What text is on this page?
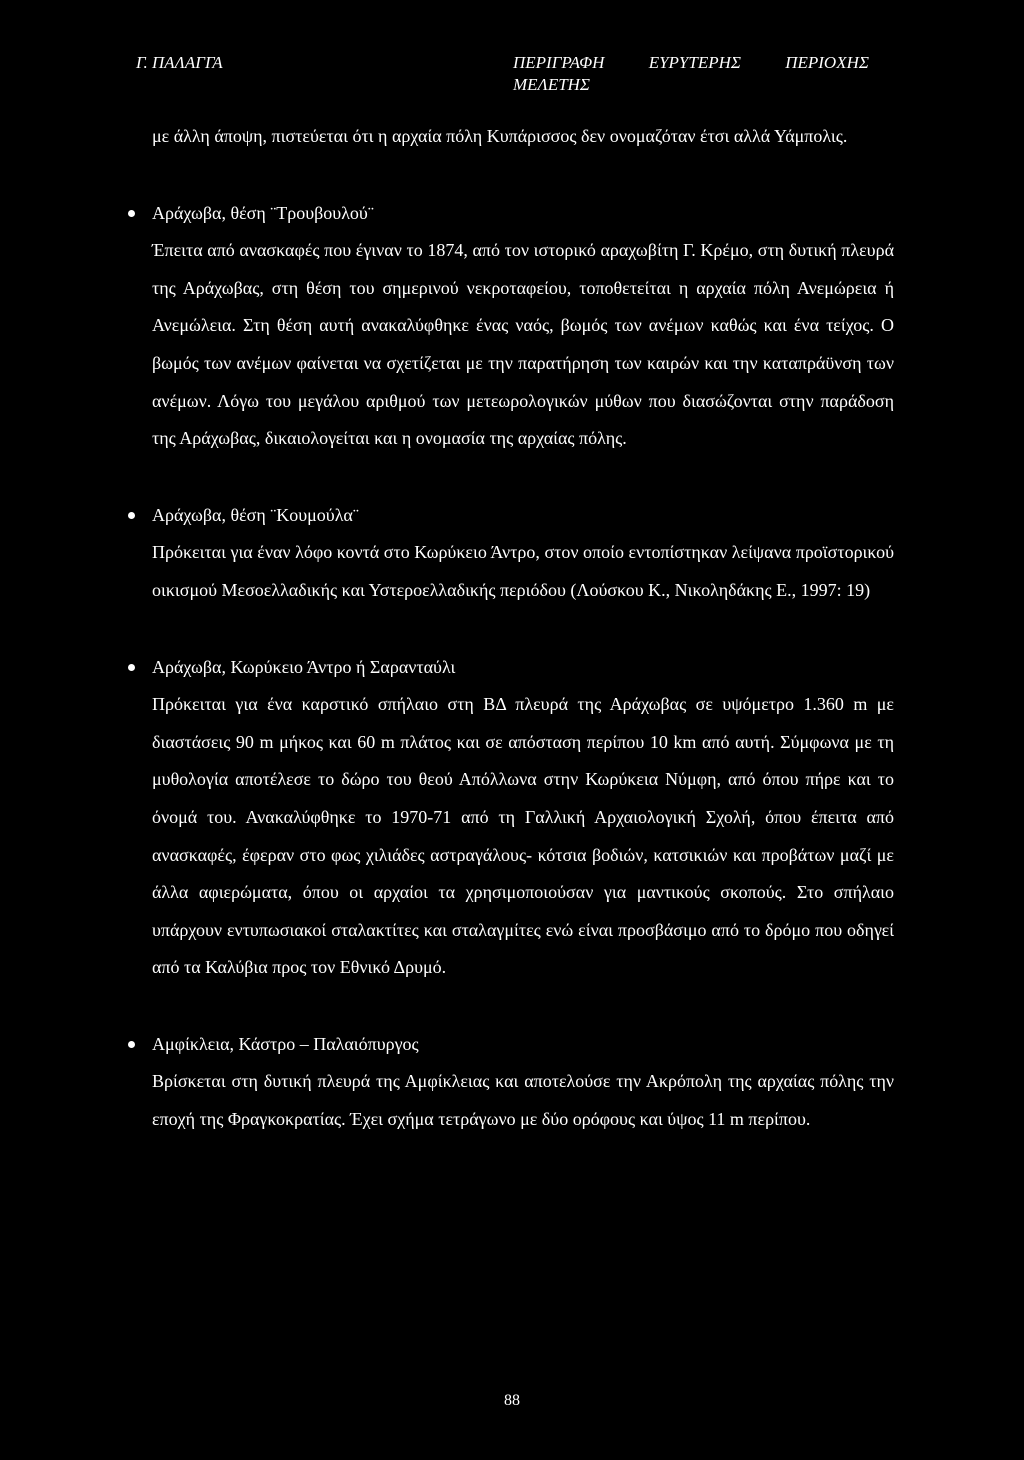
Γ. ΠΑΛΑΓΓΑ	ΠΕΡΙΓΡΑΦΗ ΕΥΡΥΤΕΡΗΣ ΠΕΡΙΟΧΗΣ ΜΕΛΕΤΗΣ

με άλλη άποψη, πιστεύεται ότι η αρχαία πόλη Κυπάρισσος δεν ονομαζόταν έτσι αλλά Υάμπολις.

Αράχωβα, θέση ¨Τρουβουλού¨

Έπειτα από ανασκαφές που έγιναν το 1874, από τον ιστορικό αραχωβίτη Γ. Κρέμο, στη δυτική πλευρά της Αράχωβας, στη θέση του σημερινού νεκροταφείου, τοποθετείται η αρχαία πόλη Ανεμώρεια ή Ανεμώλεια. Στη θέση αυτή ανακαλύφθηκε ένας ναός, βωμός των ανέμων καθώς και ένα τείχος. Ο βωμός των ανέμων φαίνεται να σχετίζεται με την παρατήρηση των καιρών και την καταπράϋνση των ανέμων. Λόγω του μεγάλου αριθμού των μετεωρολογικών μύθων που διασώζονται στην παράδοση της Αράχωβας, δικαιολογείται και η ονομασία της αρχαίας πόλης.

Αράχωβα, θέση ¨Κουμούλα¨

Πρόκειται για έναν λόφο κοντά στο Κωρύκειο Άντρο, στον οποίο εντοπίστηκαν λείψανα προϊστορικού οικισμού Μεσοελλαδικής και Υστεροελλαδικής περιόδου (Λούσκου Κ., Νικοληδάκης Ε., 1997: 19)

Αράχωβα, Κωρύκειο Άντρο ή Σαρανταύλι

Πρόκειται για ένα καρστικό σπήλαιο στη ΒΔ πλευρά της Αράχωβας σε υψόμετρο 1.360 m με διαστάσεις 90 m μήκος και 60 m πλάτος και σε απόσταση περίπου 10 km από αυτή. Σύμφωνα με τη μυθολογία αποτέλεσε το δώρο του θεού Απόλλωνα στην Κωρύκεια Νύμφη, από όπου πήρε και το όνομά του. Ανακαλύφθηκε το 1970-71 από τη Γαλλική Αρχαιολογική Σχολή, όπου έπειτα από ανασκαφές, έφεραν στο φως χιλιάδες αστραγάλους- κότσια βοδιών, κατσικιών και προβάτων μαζί με άλλα αφιερώματα, όπου οι αρχαίοι τα χρησιμοποιούσαν για μαντικούς σκοπούς. Στο σπήλαιο υπάρχουν εντυπωσιακοί σταλακτίτες και σταλαγμίτες ενώ είναι προσβάσιμο από το δρόμο που οδηγεί από τα Καλύβια προς τον Εθνικό Δρυμό.

Αμφίκλεια, Κάστρο – Παλαιόπυργος

Βρίσκεται στη δυτική πλευρά της Αμφίκλειας και αποτελούσε την Ακρόπολη της αρχαίας πόλης την εποχή της Φραγκοκρατίας. Έχει σχήμα τετράγωνο με δύο ορόφους και ύψος 11 m περίπου.

88
